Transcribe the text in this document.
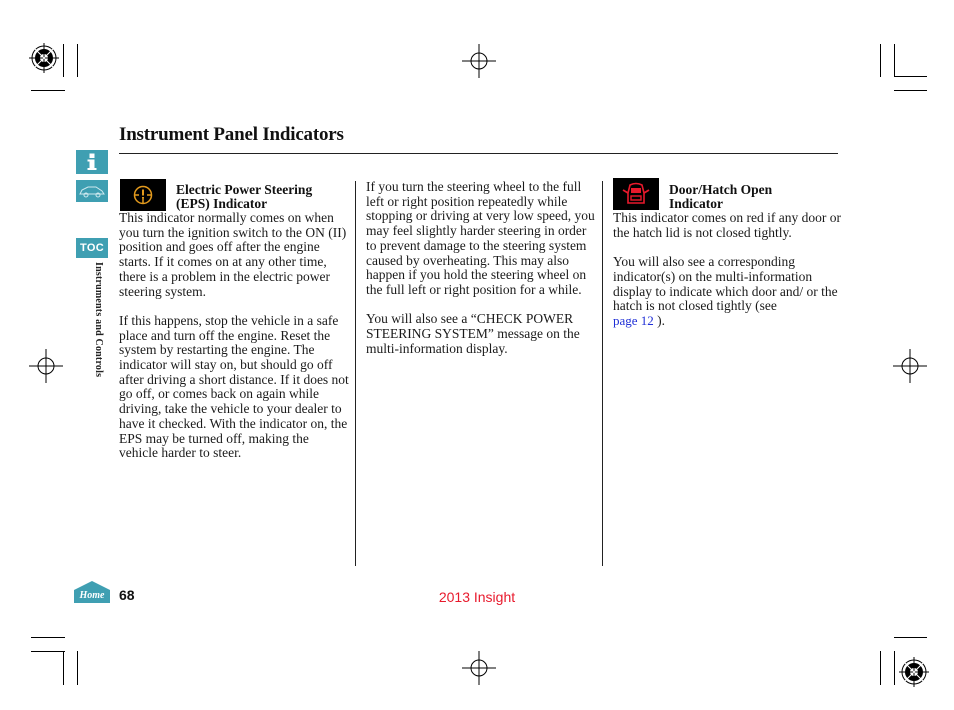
Instrument Panel Indicators
TOC
Instruments and Controls
Electric Power Steering
(EPS) Indicator

This indicator normally comes on when you turn the ignition switch to the ON (II) position and goes off after the engine starts. If it comes on at any other time, there is a problem in the electric power steering system.

If this happens, stop the vehicle in a safe place and turn off the engine. Reset the system by restarting the engine. The indicator will stay on, but should go off after driving a short distance. If it does not go off, or comes back on again while driving, take the vehicle to your dealer to have it checked. With the indicator on, the EPS may be turned off, making the vehicle harder to steer.

If you turn the steering wheel to the full left or right position repeatedly while stopping or driving at very low speed, you may feel slightly harder steering in order to prevent damage to the steering system caused by overheating. This may also happen if you hold the steering wheel on the full left or right position for a while.

You will also see a “CHECK POWER STEERING SYSTEM” message on the multi-information display.

Door/Hatch Open
Indicator

This indicator comes on red if any door or the hatch lid is not closed tightly.

You will also see a corresponding indicator(s) on the multi-information display to indicate which door and/ or the hatch is not closed tightly (see
page 12 ).

Home 68	2013 Insight
